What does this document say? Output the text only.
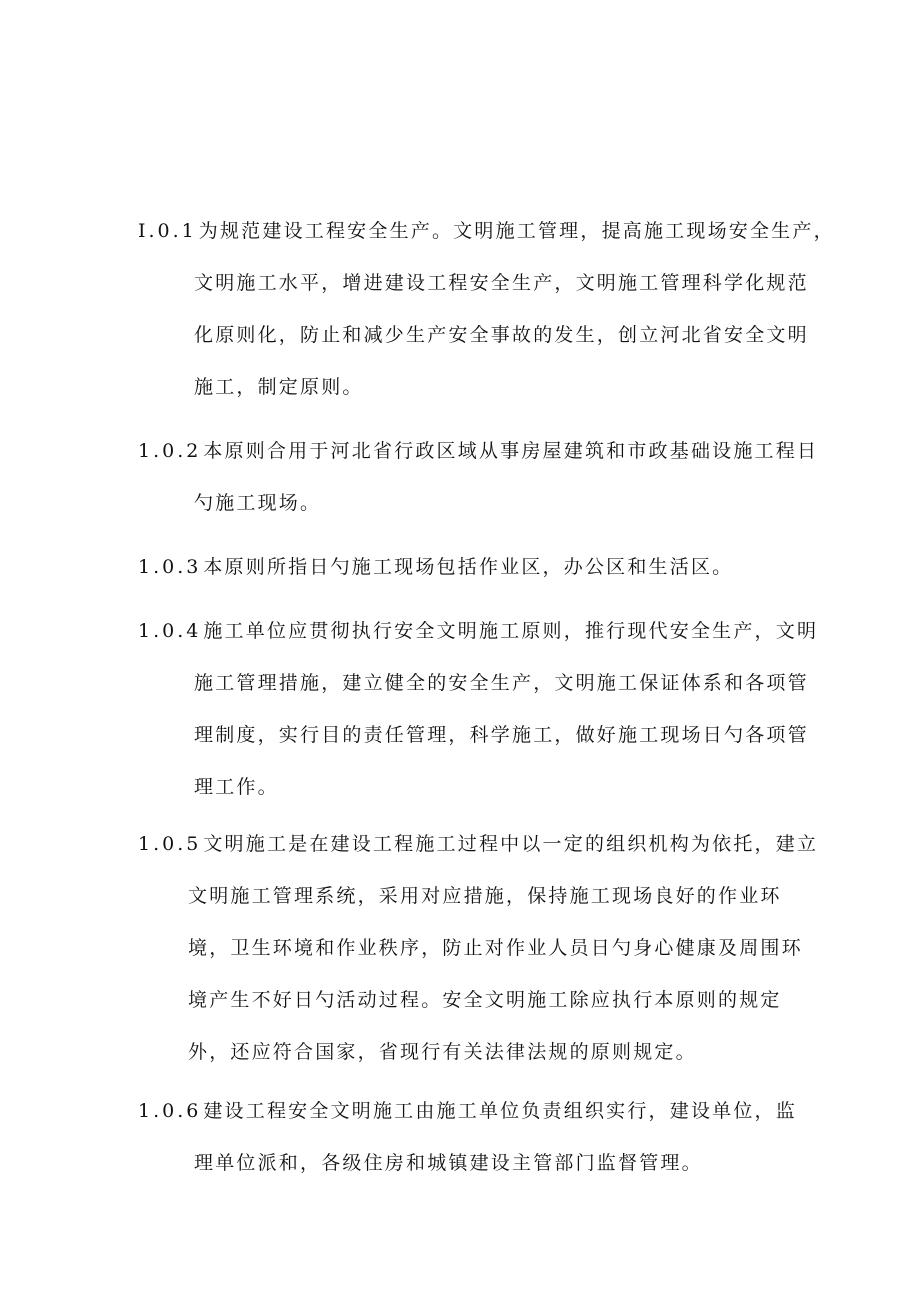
I.0.1 为规范建设工程安全生产。文明施工管理，提高施工现场安全生产，
文明施工水平，增进建设工程安全生产，文明施工管理科学化规范
化原则化，防止和减少生产安全事故的发生，创立河北省安全文明
施工，制定原则。
1.0.2 本原则合用于河北省行政区域从事房屋建筑和市政基础设施工程日
勺施工现场。
1.0.3 本原则所指日勺施工现场包括作业区，办公区和生活区。
1.0.4 施工单位应贯彻执行安全文明施工原则，推行现代安全生产，文明
施工管理措施，建立健全的安全生产，文明施工保证体系和各项管
理制度，实行目的责任管理，科学施工，做好施工现场日勺各项管
理工作。
1.0.5 文明施工是在建设工程施工过程中以一定的组织机构为依托，建立
文明施工管理系统，采用对应措施，保持施工现场良好的作业环
境，卫生环境和作业秩序，防止对作业人员日勺身心健康及周围环
境产生不好日勺活动过程。安全文明施工除应执行本原则的规定
外，还应符合国家，省现行有关法律法规的原则规定。
1.0.6 建设工程安全文明施工由施工单位负责组织实行，建设单位，监
理单位派和，各级住房和城镇建设主管部门监督管理。
